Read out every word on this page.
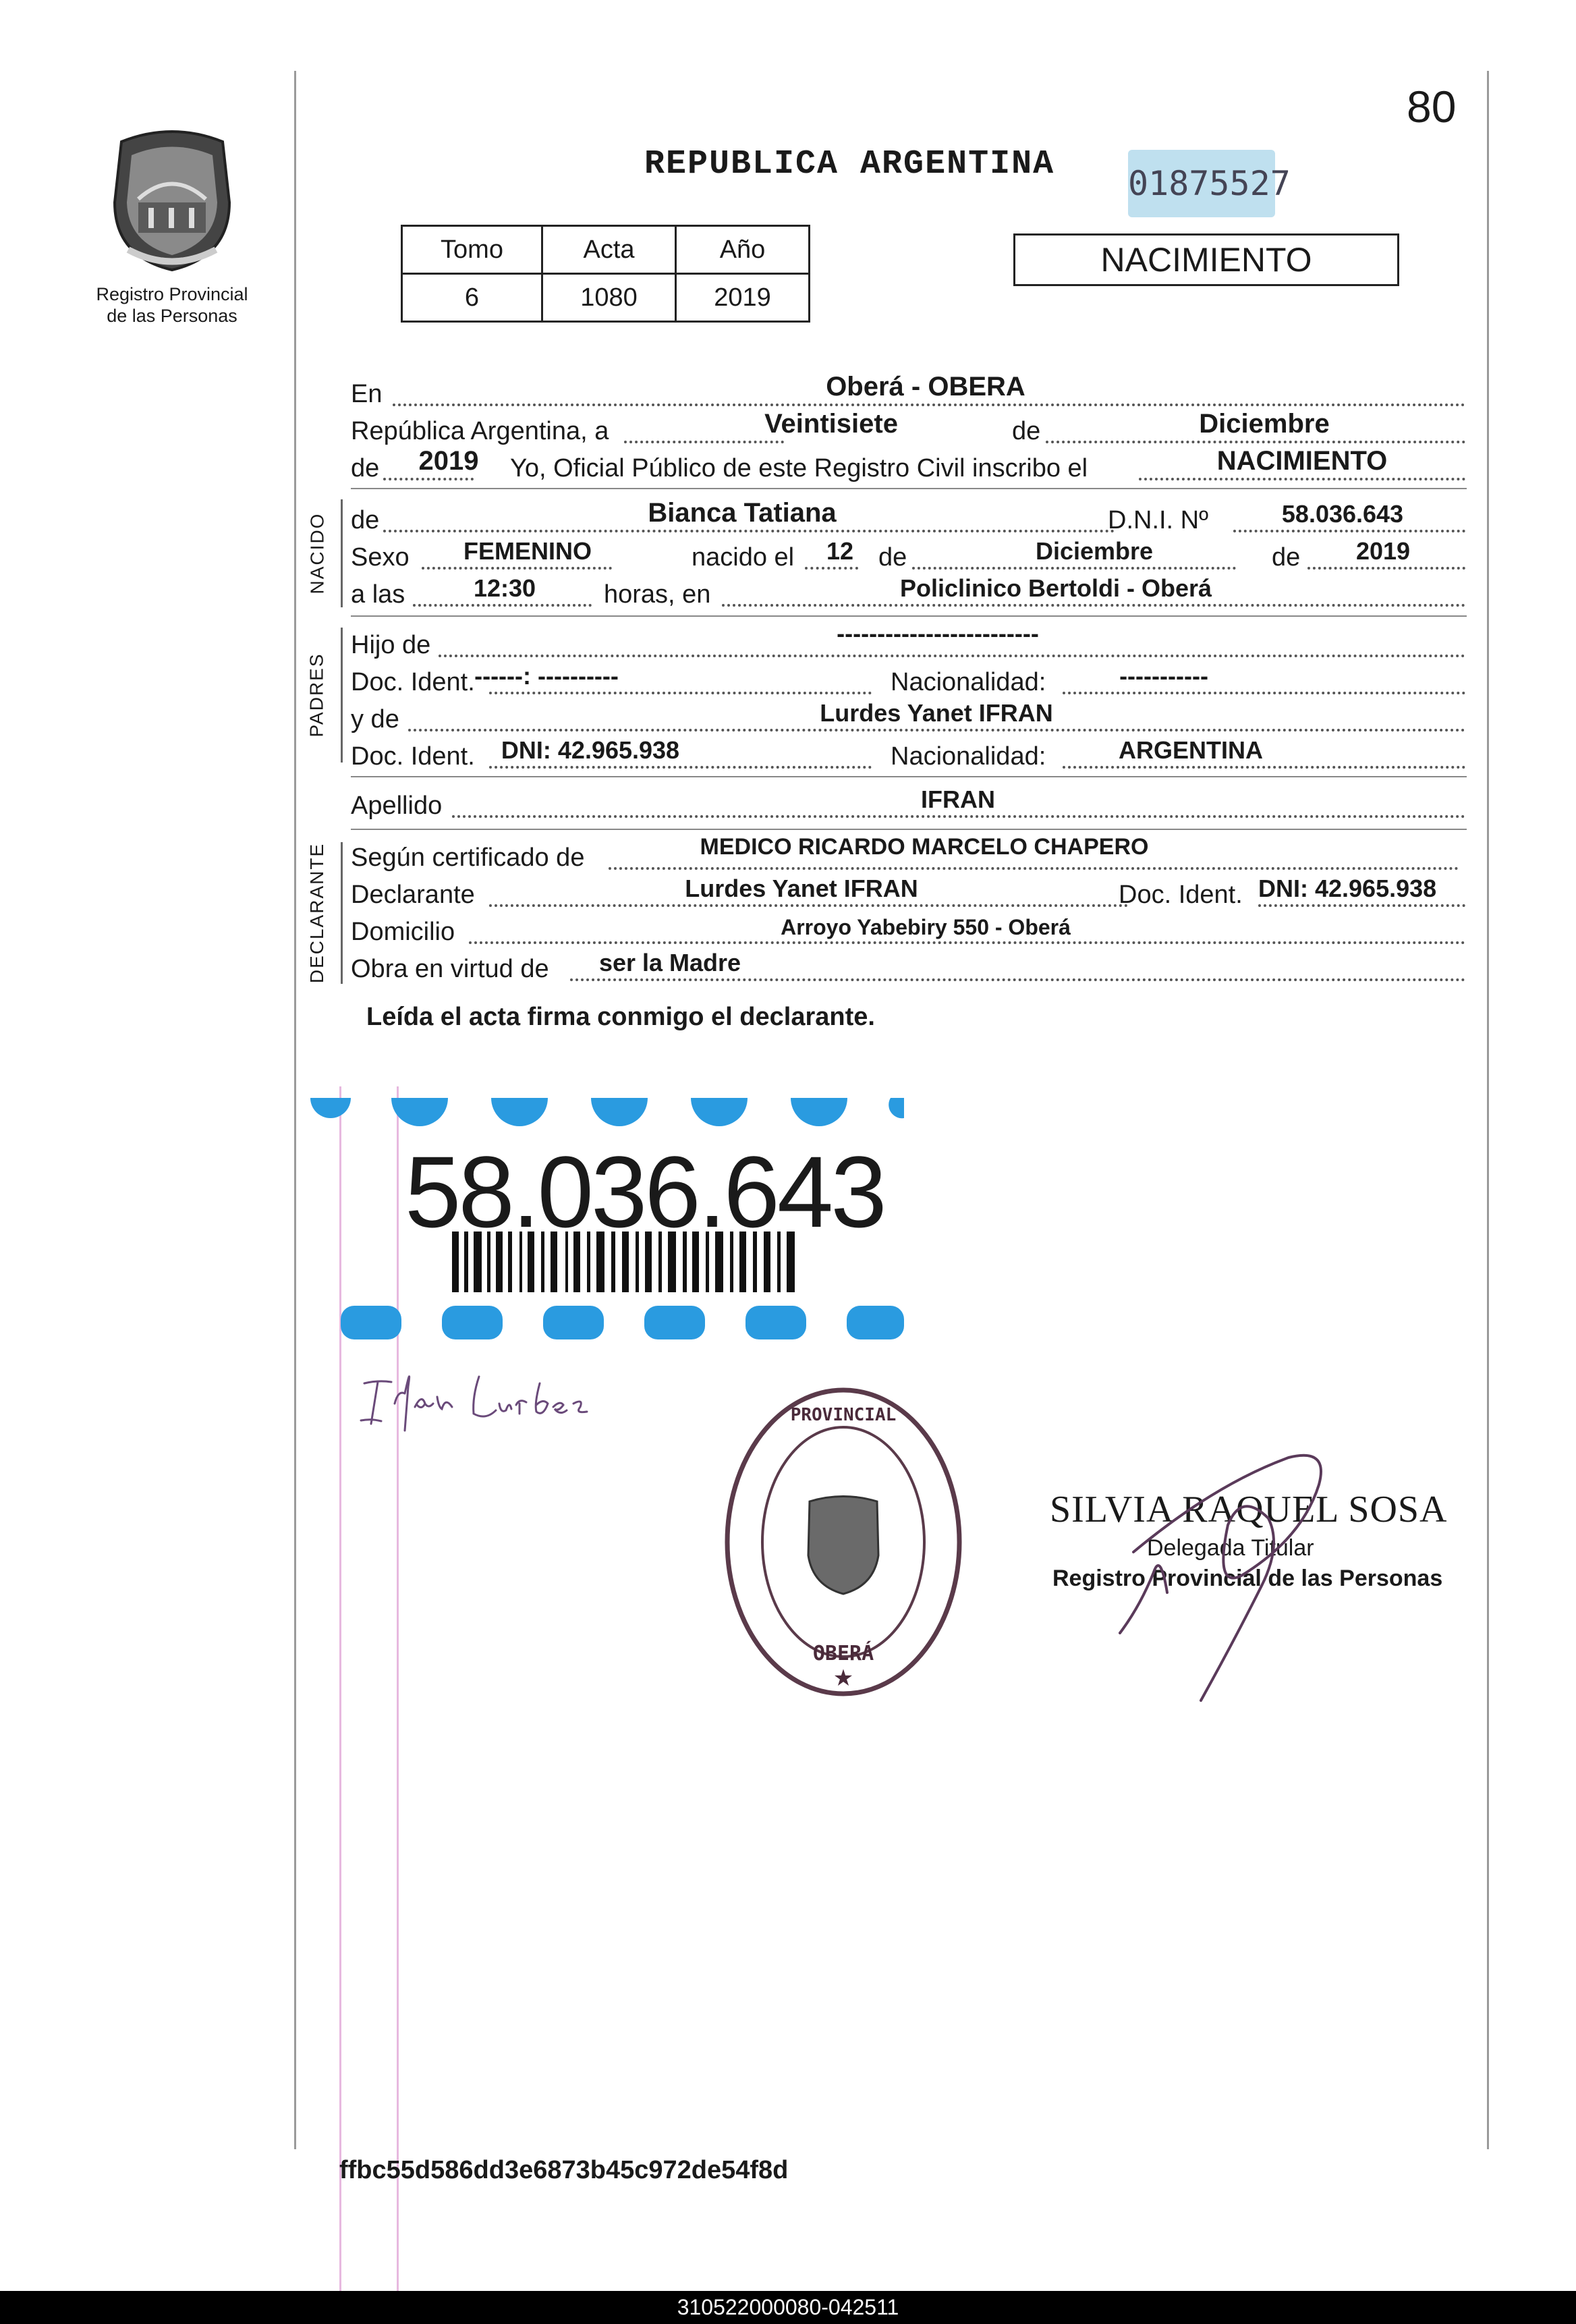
Registro Provincial
de las Personas
80
REPUBLICA ARGENTINA 01875527
Tomo	Acta	Año
6	1080	2019
NACIMIENTO
En	Oberá - OBERA
República Argentina, a	Veintisiete	de	Diciembre
de 2019 Yo, Oficial Público de este Registro Civil inscribo el	NACIMIENTO
NACIDO de	Bianca Tatiana	D.N.I. Nº	58.036.643
Sexo FEMENINO	nacido el 12 de	Diciembre	de 2019
a las	12:30	horas, en	Policlinico Bertoldi - Oberá
PADRES
Hijo de	-------------------------
Doc. Ident. ------: ----------	Nacionalidad:	-----------
y de	Lurdes Yanet IFRAN
Doc. Ident. DNI: 42.965.938	Nacionalidad:	ARGENTINA
Apellido	IFRAN
DECLARANTE Según certificado de	MEDICO RICARDO MARCELO CHAPERO
Declarante	Lurdes Yanet IFRAN	Doc. Ident. DNI: 42.965.938
Domicilio	Arroyo Yabebiry 550 - Oberá
Obra en virtud de ser la Madre
Leída el acta firma conmigo el declarante.
58.036.643
PROVINCIAL
OBERÁ
★
SILVIA RAQUEL SOSA
Delegada Titular
Registro Provincial de las Personas
ffbc55d586dd3e6873b45c972de54f8d
310522000080-042511
